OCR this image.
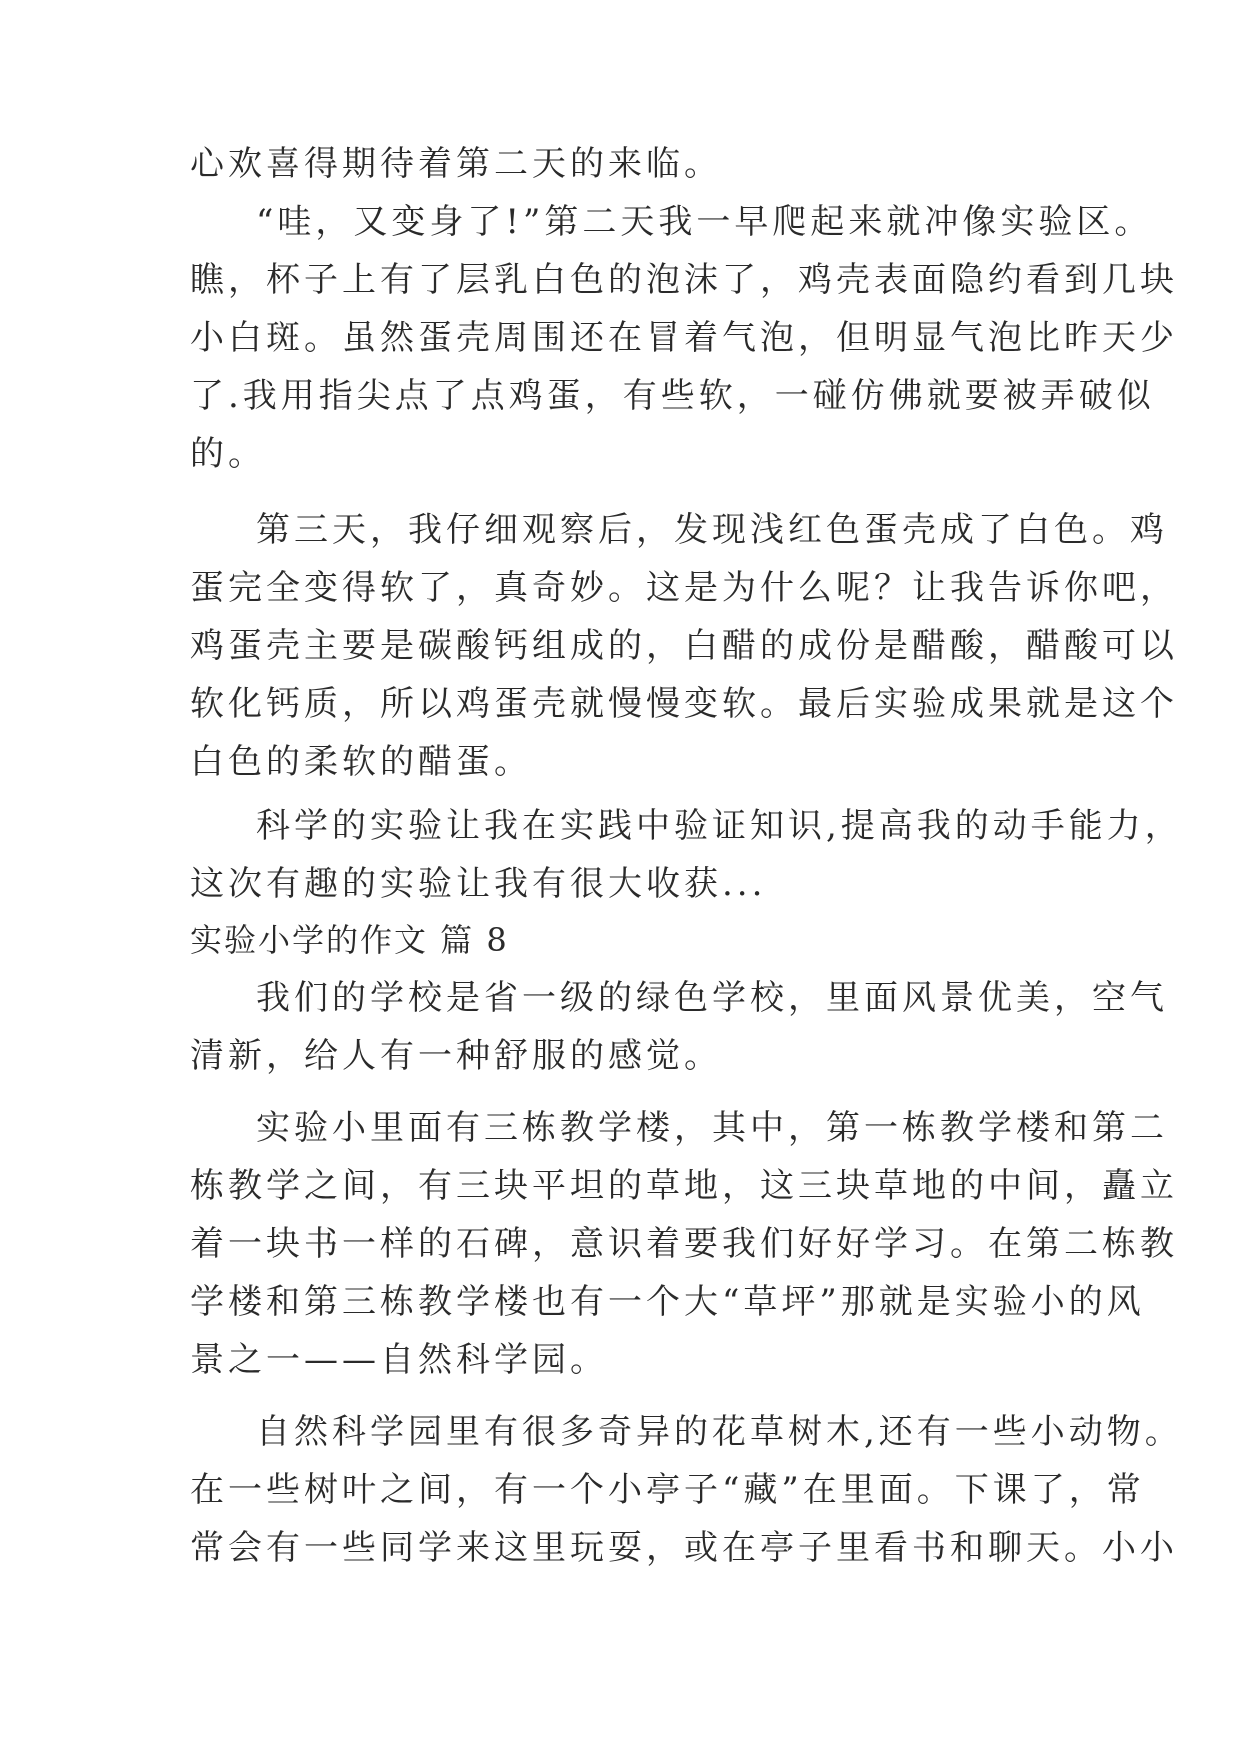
心欢喜得期待着第二天的来临。

“哇，又变身了!”第二天我一早爬起来就冲像实验区。

瞧，杯子上有了层乳白色的泡沫了，鸡壳表面隐约看到几块

小白斑。虽然蛋壳周围还在冒着气泡，但明显气泡比昨天少

了.我用指尖点了点鸡蛋，有些软，一碰仿佛就要被弄破似

的。

第三天，我仔细观察后，发现浅红色蛋壳成了白色。鸡

蛋完全变得软了，真奇妙。这是为什么呢？让我告诉你吧，

鸡蛋壳主要是碳酸钙组成的，白醋的成份是醋酸，醋酸可以

软化钙质，所以鸡蛋壳就慢慢变软。最后实验成果就是这个

白色的柔软的醋蛋。

科学的实验让我在实践中验证知识,提高我的动手能力，

这次有趣的实验让我有很大收获...

实验小学的作文 篇 8

我们的学校是省一级的绿色学校，里面风景优美，空气

清新，给人有一种舒服的感觉。

实验小里面有三栋教学楼，其中，第一栋教学楼和第二

栋教学之间，有三块平坦的草地，这三块草地的中间，矗立

着一块书一样的石碑，意识着要我们好好学习。在第二栋教

学楼和第三栋教学楼也有一个大“草坪”那就是实验小的风

景之一——自然科学园。

自然科学园里有很多奇异的花草树木,还有一些小动物。

在一些树叶之间，有一个小亭子“藏”在里面。下课了，常

常会有一些同学来这里玩耍，或在亭子里看书和聊天。小小
